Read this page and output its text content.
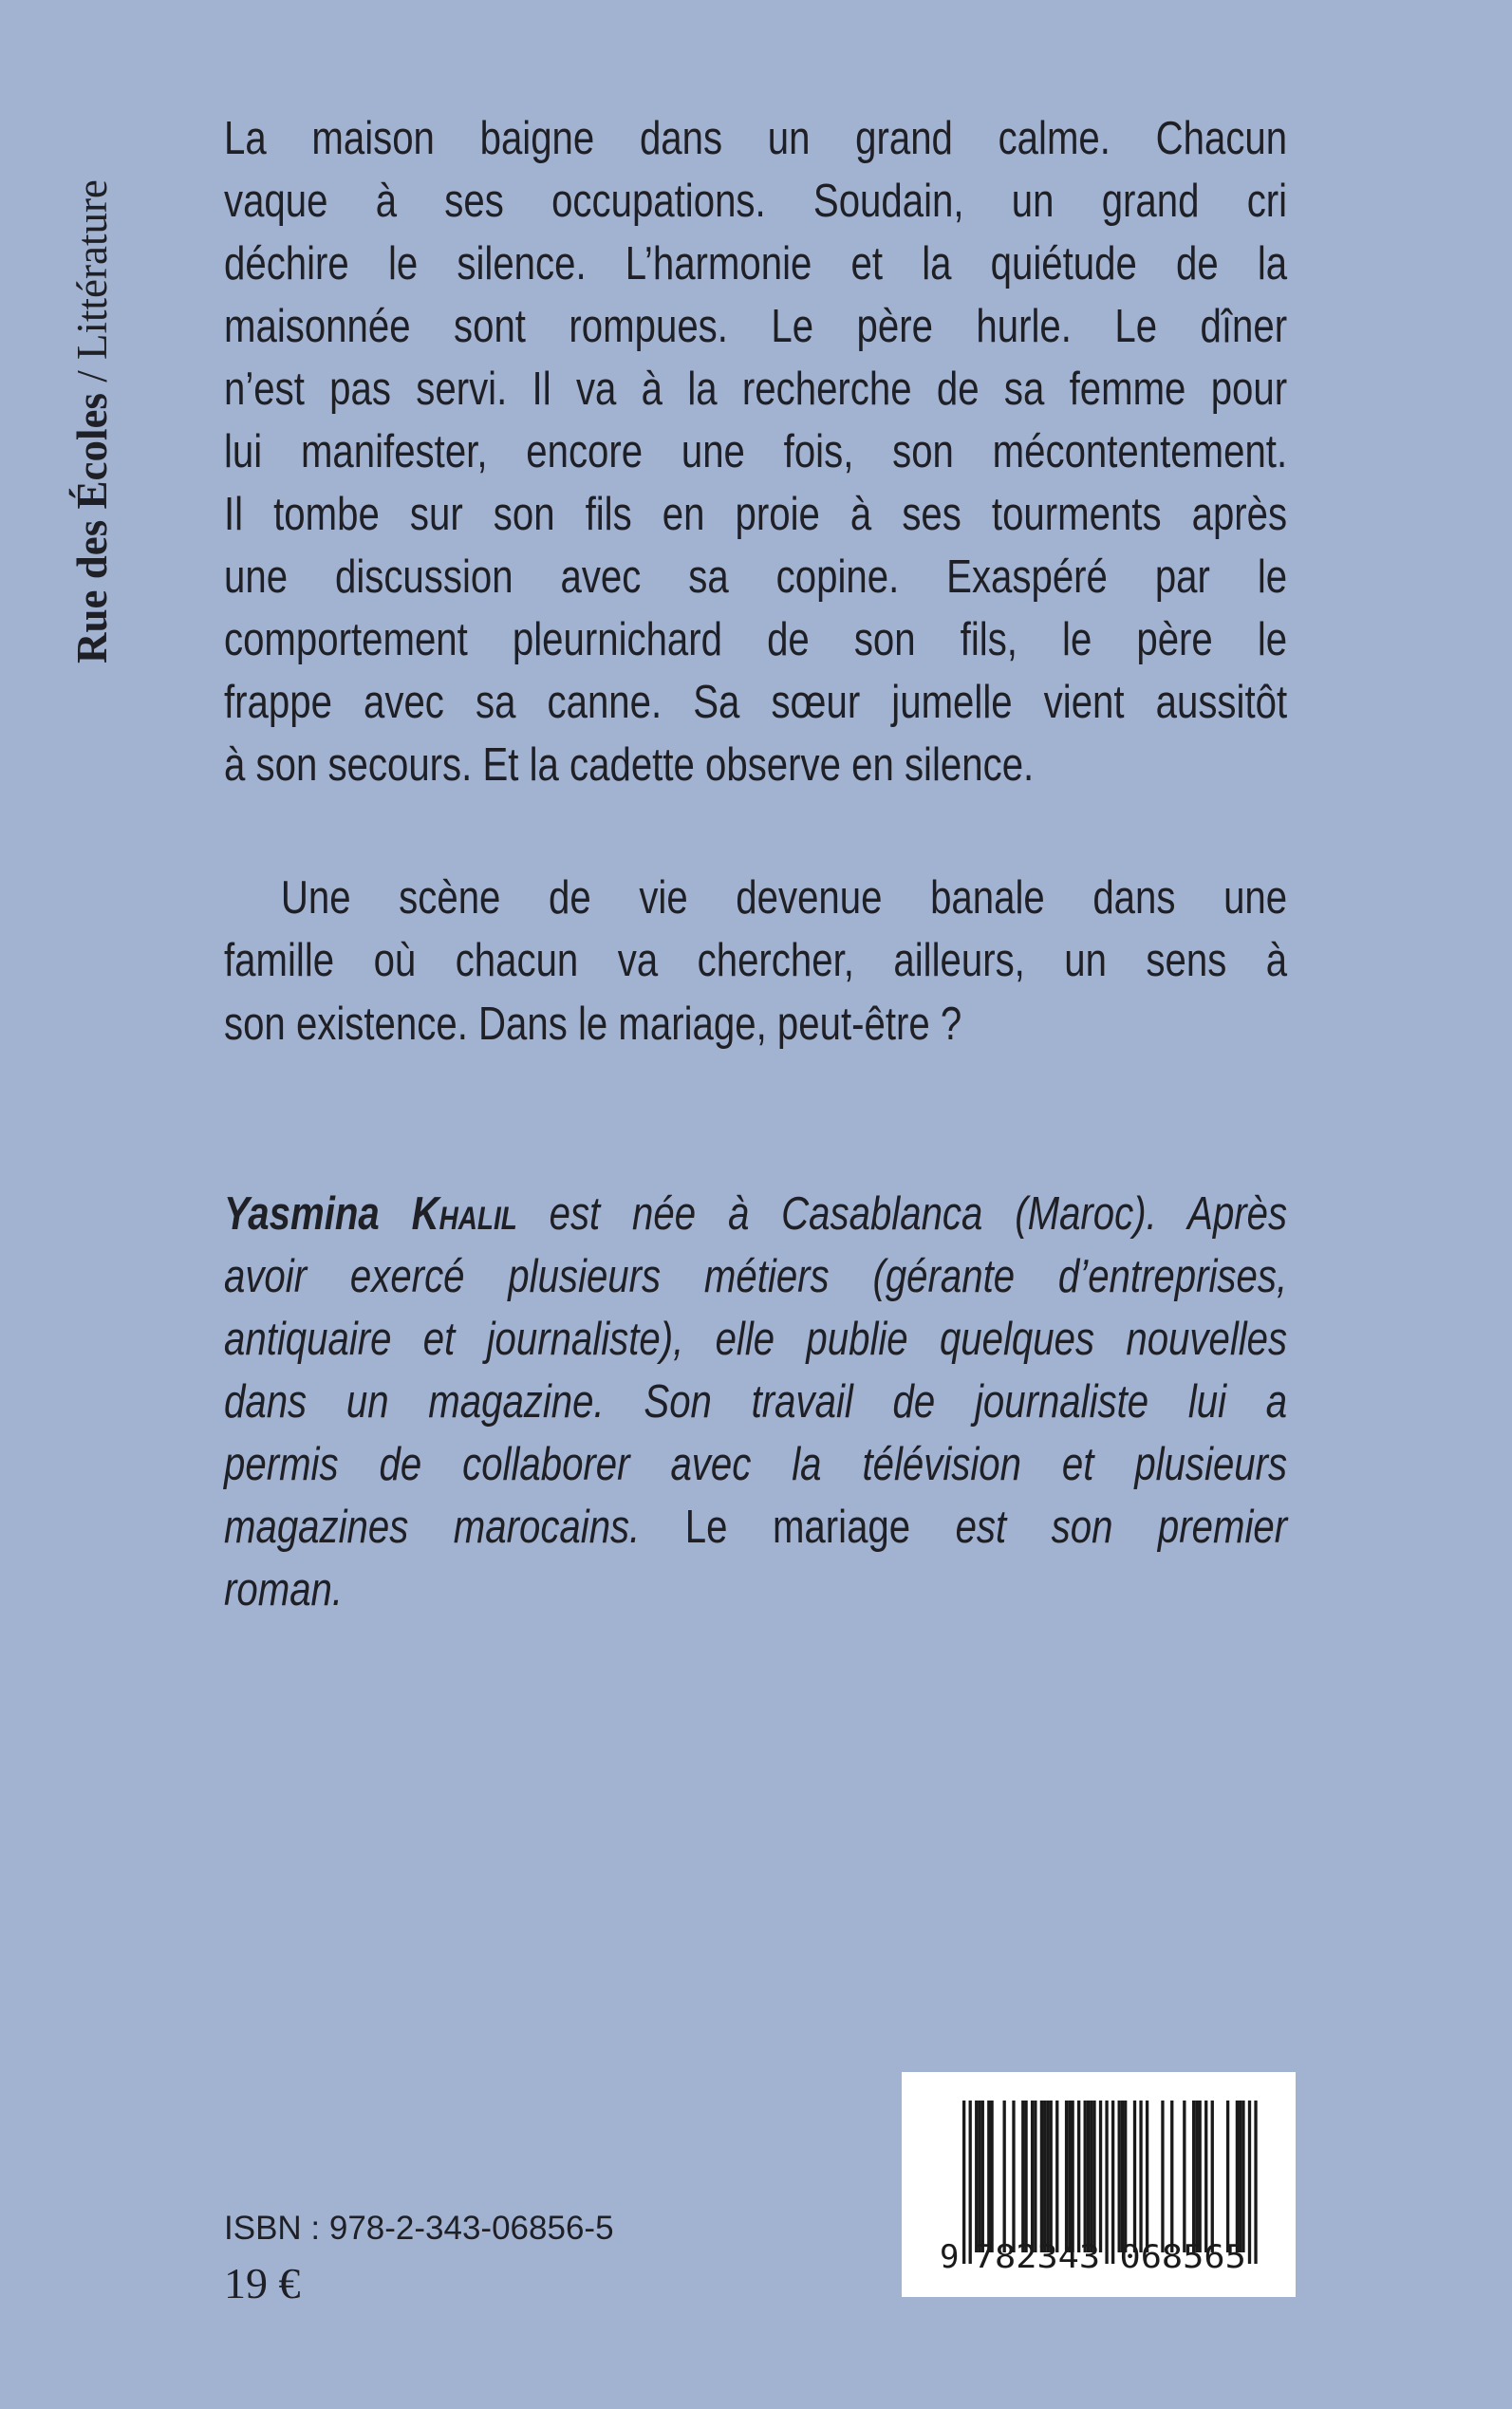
Rue des Écoles / Littérature
La maison baigne dans un grand calme. Chacun
vaque à ses occupations. Soudain, un grand cri
déchire le silence. L’harmonie et la quiétude de la
maisonnée sont rompues. Le père hurle. Le dîner
n’est pas servi. Il va à la recherche de sa femme pour
lui manifester, encore une fois, son mécontentement.
Il tombe sur son fils en proie à ses tourments après
une discussion avec sa copine. Exaspéré par le
comportement pleurnichard de son fils, le père le
frappe avec sa canne. Sa sœur jumelle vient aussitôt
à son secours. Et la cadette observe en silence.
Une scène de vie devenue banale dans une
famille où chacun va chercher, ailleurs, un sens à
son existence. Dans le mariage, peut-être ?
Yasmina Khalil est née à Casablanca (Maroc). Après
avoir exercé plusieurs métiers (gérante d’entreprises,
antiquaire et journaliste), elle publie quelques nouvelles
dans un magazine. Son travail de journaliste lui a
permis de collaborer avec la télévision et plusieurs
magazines marocains. Le mariage est son premier
roman.
ISBN : 978-2-343-06856-5
19 €
9 782343 068565
